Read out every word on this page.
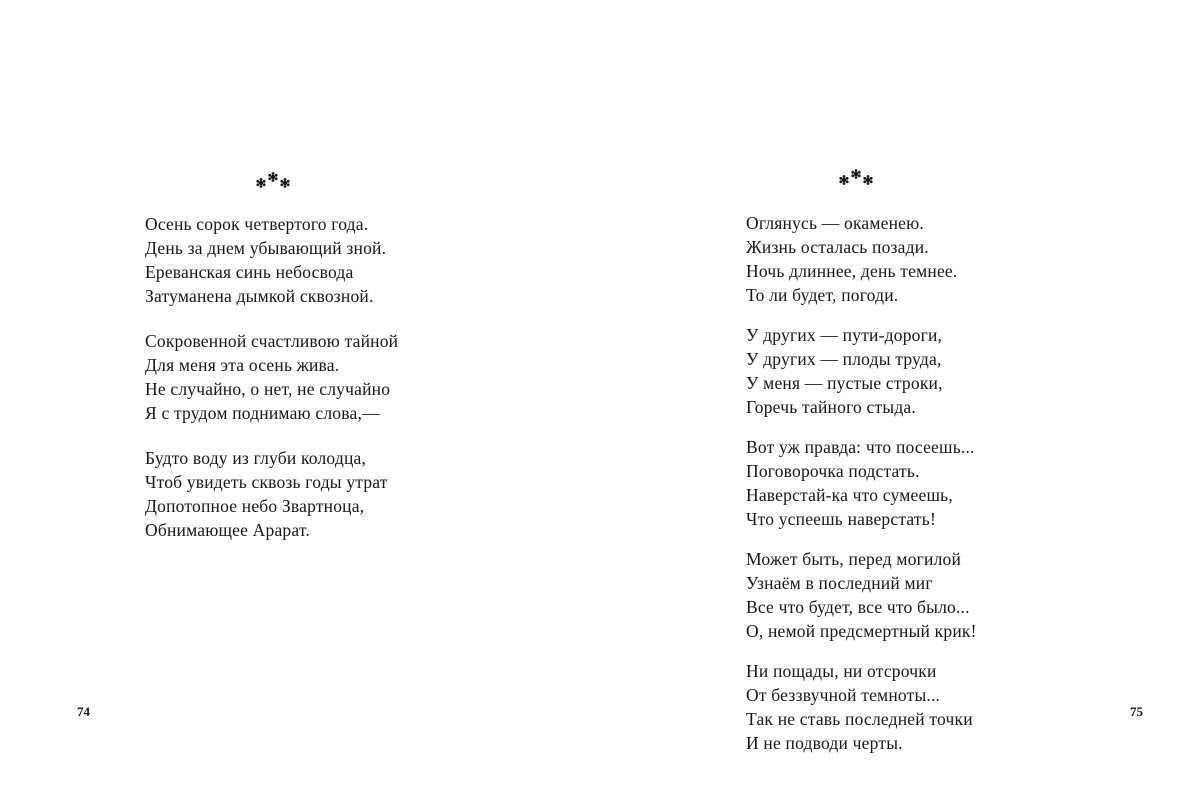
Осень сорок четвертого года.
День за днем убывающий зной.
Ереванская синь небосвода
Затуманена дымкой сквозной.
Сокровенной счастливою тайной
Для меня эта осень жива.
Не случайно, о нет, не случайно
Я с трудом поднимаю слова,—
Будто воду из глуби колодца,
Чтоб увидеть сквозь годы утрат
Допотопное небо Звартноца,
Обнимающее Арарат.
74
Оглянусь — окаменею.
Жизнь осталась позади.
Ночь длиннее, день темнее.
То ли будет, погоди.
У других — пути-дороги,
У других — плоды труда,
У меня — пустые строки,
Горечь тайного стыда.
Вот уж правда: что посеешь...
Поговорочка подстать.
Наверстай-ка что сумеешь,
Что успеешь наверстать!
Может быть, перед могилой
Узнаём в последний миг
Все что будет, все что было...
О, немой предсмертный крик!
Ни пощады, ни отсрочки
От беззвучной темноты...
Так не ставь последней точки
И не подводи черты.
75
